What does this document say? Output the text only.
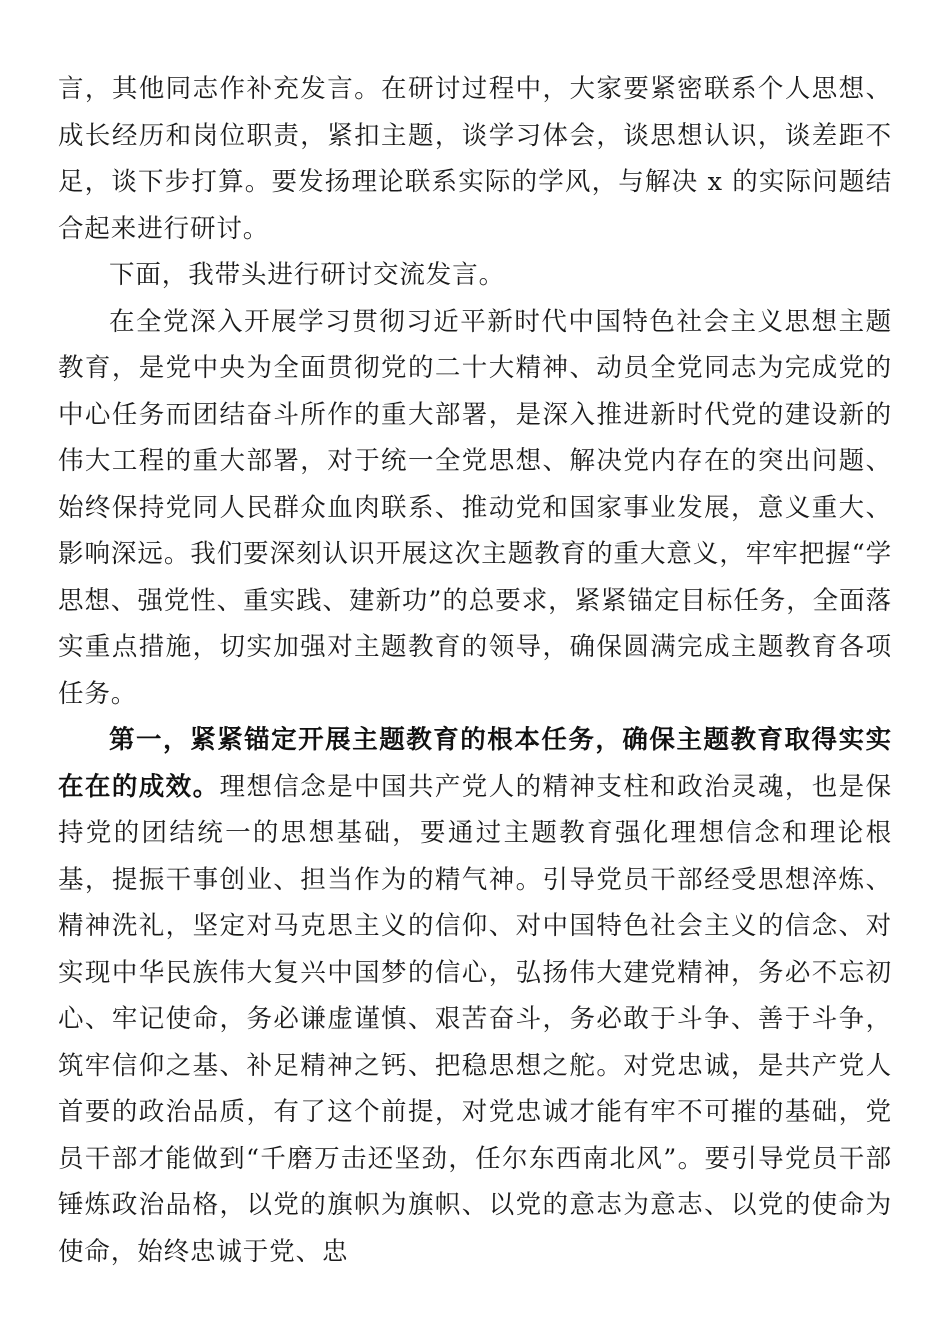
言，其他同志作补充发言。在研讨过程中，大家要紧密联系个人思想、成长经历和岗位职责，紧扣主题，谈学习体会，谈思想认识，谈差距不足，谈下步打算。要发扬理论联系实际的学风，与解决 x 的实际问题结合起来进行研讨。

下面，我带头进行研讨交流发言。

在全党深入开展学习贯彻习近平新时代中国特色社会主义思想主题教育，是党中央为全面贯彻党的二十大精神、动员全党同志为完成党的中心任务而团结奋斗所作的重大部署，是深入推进新时代党的建设新的伟大工程的重大部署，对于统一全党思想、解决党内存在的突出问题、始终保持党同人民群众血肉联系、推动党和国家事业发展，意义重大、影响深远。我们要深刻认识开展这次主题教育的重大意义，牢牢把握“学思想、强党性、重实践、建新功”的总要求，紧紧锚定目标任务，全面落实重点措施，切实加强对主题教育的领导，确保圆满完成主题教育各项任务。

第一，紧紧锚定开展主题教育的根本任务，确保主题教育取得实实在在的成效。理想信念是中国共产党人的精神支柱和政治灵魂，也是保持党的团结统一的思想基础，要通过主题教育强化理想信念和理论根基，提振干事创业、担当作为的精气神。引导党员干部经受思想淬炼、精神洗礼，坚定对马克思主义的信仰、对中国特色社会主义的信念、对实现中华民族伟大复兴中国梦的信心，弘扬伟大建党精神，务必不忘初心、牢记使命，务必谦虚谨慎、艰苦奋斗，务必敢于斗争、善于斗争，筑牢信仰之基、补足精神之钙、把稳思想之舵。对党忠诚，是共产党人首要的政治品质，有了这个前提，对党忠诚才能有牢不可摧的基础，党员干部才能做到“千磨万击还坚劲，任尔东西南北风”。要引导党员干部锤炼政治品格，以党的旗帜为旗帜、以党的意志为意志、以党的使命为使命，始终忠诚于党、忠
